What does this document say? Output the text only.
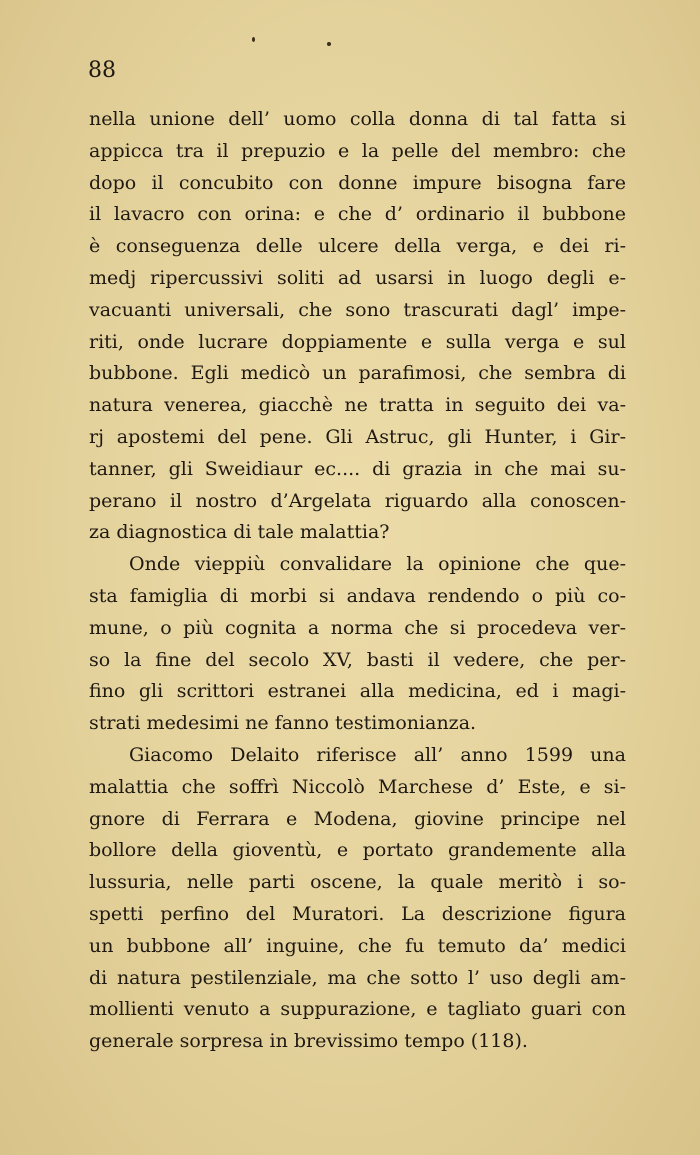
88
nella unione dell’ uomo colla donna di tal fatta si
appicca tra il prepuzio e la pelle del membro: che
dopo il concubito con donne impure bisogna fare
il lavacro con orina: e che d’ ordinario il bubbone
è conseguenza delle ulcere della verga, e dei ri-
medj ripercussivi soliti ad usarsi in luogo degli e-
vacuanti universali, che sono trascurati dagl’ impe-
riti, onde lucrare doppiamente e sulla verga e sul
bubbone. Egli medicò un parafimosi, che sembra di
natura venerea, giacchè ne tratta in seguito dei va-
rj apostemi del pene. Gli Astruc, gli Hunter, i Gir-
tanner, gli Sweidiaur ec.... di grazia in che mai su-
perano il nostro d’Argelata riguardo alla conoscen-
za diagnostica di tale malattia?
Onde vieppiù convalidare la opinione che que-
sta famiglia di morbi si andava rendendo o più co-
mune, o più cognita a norma che si procedeva ver-
so la fine del secolo XV, basti il vedere, che per-
fino gli scrittori estranei alla medicina, ed i magi-
strati medesimi ne fanno testimonianza.
Giacomo Delaito riferisce all’ anno 1599 una
malattia che soffrì Niccolò Marchese d’ Este, e si-
gnore di Ferrara e Modena, giovine principe nel
bollore della gioventù, e portato grandemente alla
lussuria, nelle parti oscene, la quale meritò i so-
spetti perfino del Muratori. La descrizione figura
un bubbone all’ inguine, che fu temuto da’ medici
di natura pestilenziale, ma che sotto l’ uso degli am-
mollienti venuto a suppurazione, e tagliato guari con
generale sorpresa in brevissimo tempo (118).
